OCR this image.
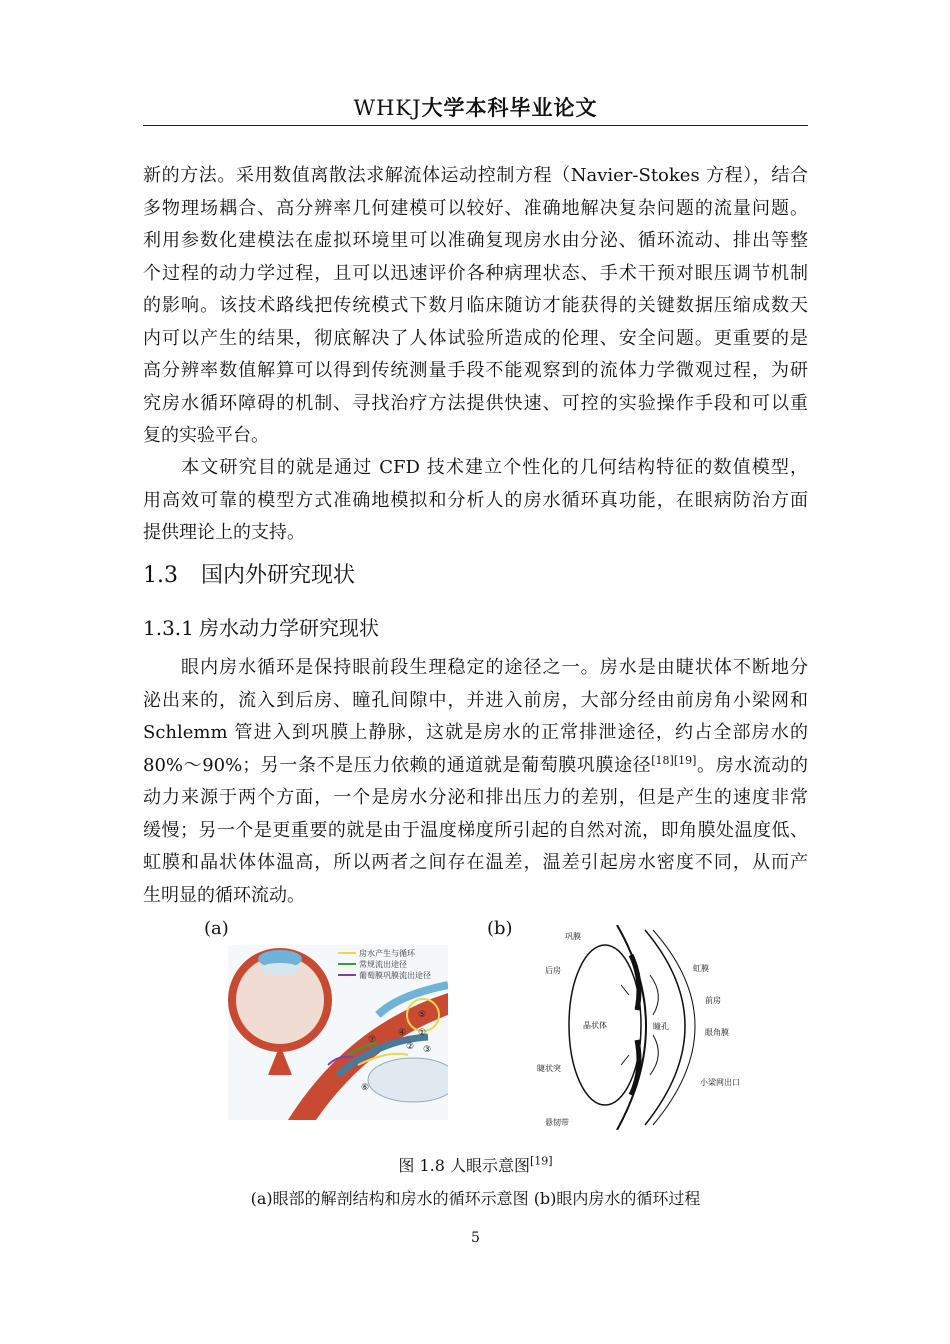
WHKJ大学本科毕业论文
新的方法。采用数值离散法求解流体运动控制方程（Navier-Stokes 方程），结合
多物理场耦合、高分辨率几何建模可以较好、准确地解决复杂问题的流量问题。
利用参数化建模法在虚拟环境里可以准确复现房水由分泌、循环流动、排出等整
个过程的动力学过程，且可以迅速评价各种病理状态、手术干预对眼压调节机制
的影响。该技术路线把传统模式下数月临床随访才能获得的关键数据压缩成数天
内可以产生的结果，彻底解决了人体试验所造成的伦理、安全问题。更重要的是
高分辨率数值解算可以得到传统测量手段不能观察到的流体力学微观过程，为研
究房水循环障碍的机制、寻找治疗方法提供快速、可控的实验操作手段和可以重
复的实验平台。
　　本文研究目的就是通过 CFD 技术建立个性化的几何结构特征的数值模型，
用高效可靠的模型方式准确地模拟和分析人的房水循环真功能，在眼病防治方面
提供理论上的支持。
1.3 国内外研究现状
1.3.1 房水动力学研究现状
　　眼内房水循环是保持眼前段生理稳定的途径之一。房水是由睫状体不断地分
泌出来的，流入到后房、瞳孔间隙中，并进入前房，大部分经由前房角小梁网和
Schlemm 管进入到巩膜上静脉，这就是房水的正常排泄途径，约占全部房水的
80%～90%；另一条不是压力依赖的通道就是葡萄膜巩膜途径[18][19]。房水流动的
动力来源于两个方面，一个是房水分泌和排出压力的差别，但是产生的速度非常
缓慢；另一个是更重要的就是由于温度梯度所引起的自然对流，即角膜处温度低、
虹膜和晶状体体温高，所以两者之间存在温差，温差引起房水密度不同，从而产
生明显的循环流动。
(a)
房水产生与循环
常规流出途径
葡萄膜巩膜流出途径
①
② ③
④
⑤
⑥
⑦
(b)	巩膜
后房	虹膜
前房
晶状体	瞳孔
眼角膜
睫状突
小梁网出口
悬韧带
图 1.8 人眼示意图[19]
(a)眼部的解剖结构和房水的循环示意图 (b)眼内房水的循环过程
5
